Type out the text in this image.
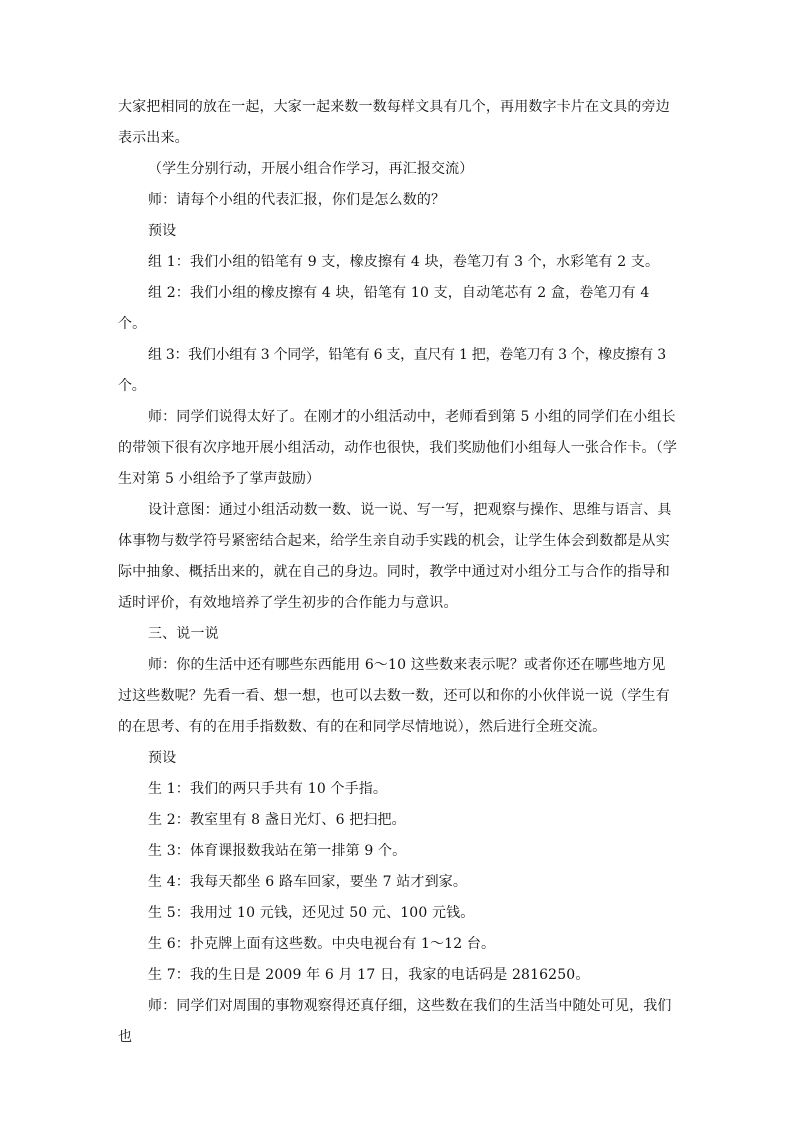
大家把相同的放在一起，大家一起来数一数每样文具有几个，再用数字卡片在文具的旁边表示出来。

（学生分别行动，开展小组合作学习，再汇报交流）

师：请每个小组的代表汇报，你们是怎么数的？

预设

组 1：我们小组的铅笔有 9 支，橡皮擦有 4 块，卷笔刀有 3 个，水彩笔有 2 支。

组 2：我们小组的橡皮擦有 4 块，铅笔有 10 支，自动笔芯有 2 盒，卷笔刀有 4 个。

组 3：我们小组有 3 个同学，铅笔有 6 支，直尺有 1 把，卷笔刀有 3 个，橡皮擦有 3 个。

师：同学们说得太好了。在刚才的小组活动中，老师看到第 5 小组的同学们在小组长的带领下很有次序地开展小组活动，动作也很快，我们奖励他们小组每人一张合作卡。（学生对第 5 小组给予了掌声鼓励）

设计意图：通过小组活动数一数、说一说、写一写，把观察与操作、思维与语言、具体事物与数学符号紧密结合起来，给学生亲自动手实践的机会，让学生体会到数都是从实际中抽象、概括出来的，就在自己的身边。同时，教学中通过对小组分工与合作的指导和适时评价，有效地培养了学生初步的合作能力与意识。

三、说一说

师：你的生活中还有哪些东西能用 6～10 这些数来表示呢？或者你还在哪些地方见过这些数呢？先看一看、想一想，也可以去数一数，还可以和你的小伙伴说一说（学生有的在思考、有的在用手指数数、有的在和同学尽情地说），然后进行全班交流。

预设

生 1：我们的两只手共有 10 个手指。

生 2：教室里有 8 盏日光灯、6 把扫把。

生 3：体育课报数我站在第一排第 9 个。

生 4：我每天都坐 6 路车回家，要坐 7 站才到家。

生 5：我用过 10 元钱，还见过 50 元、100 元钱。

生 6：扑克牌上面有这些数。中央电视台有 1～12 台。

生 7：我的生日是 2009 年 6 月 17 日，我家的电话码是 2816250。

师：同学们对周围的事物观察得还真仔细，这些数在我们的生活当中随处可见，我们也
